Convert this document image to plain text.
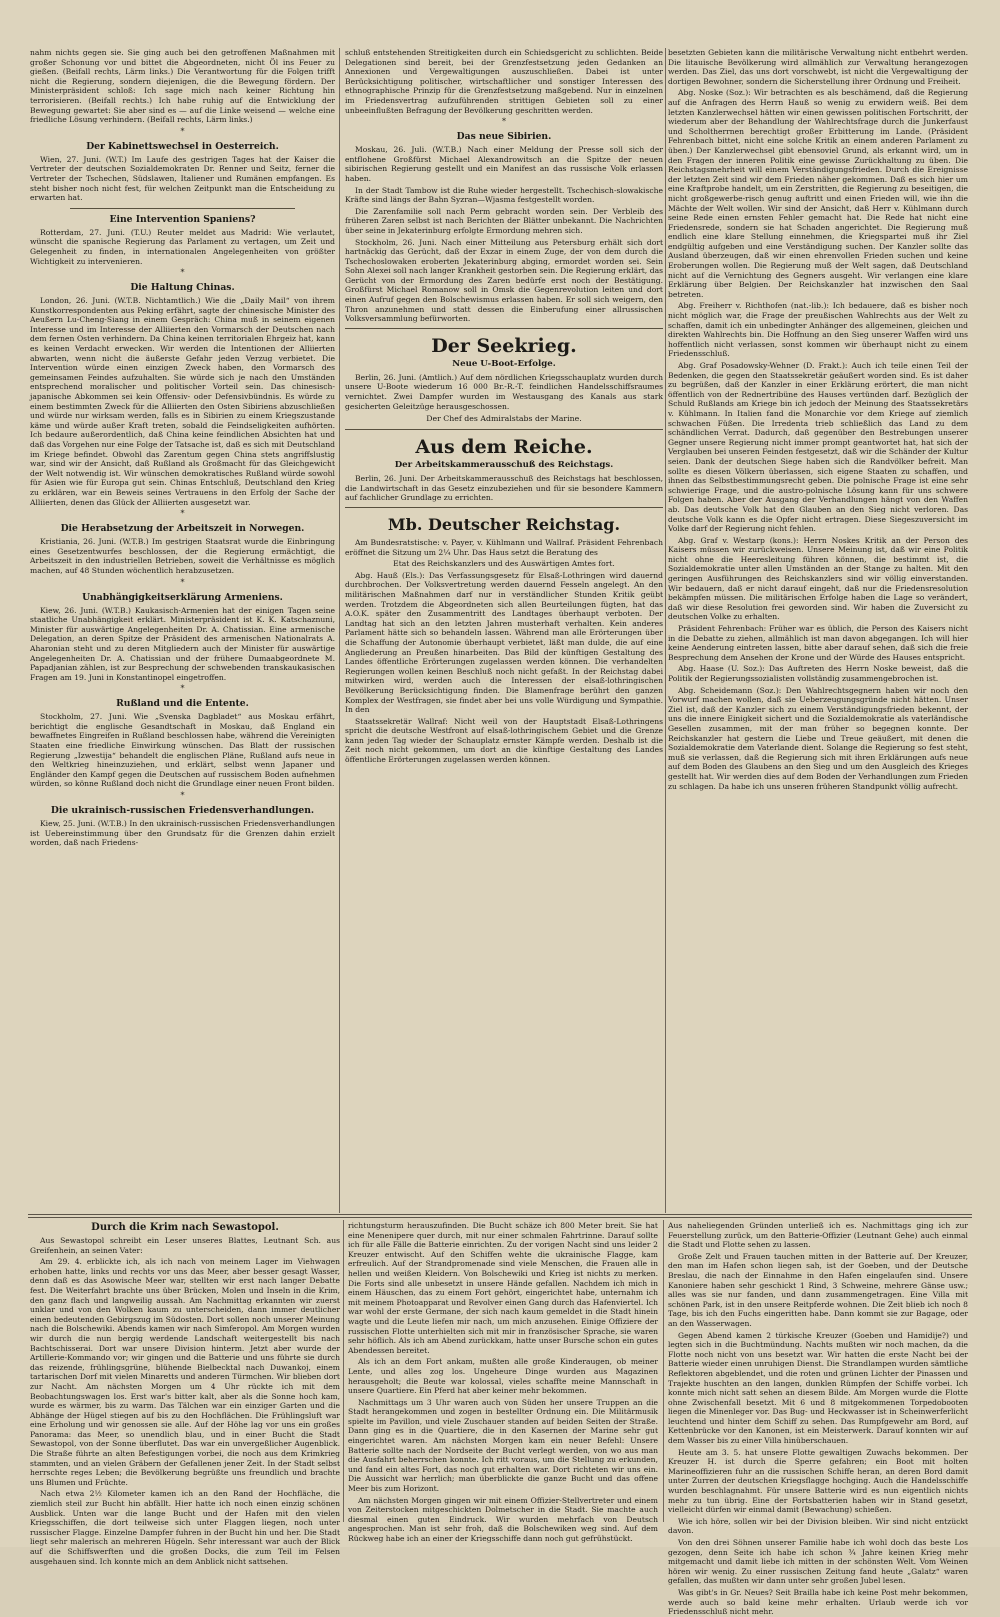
nahm nichts gegen sie. Sie ging auch bei den getroffenen Maßnahmen mit großer Schonung vor und bittet die Abgeordneten, nicht Öl ins Feuer zu gießen. (Beifall rechts, Lärm links.) Die Verantwortung für die Folgen trifft nicht die Regierung, sondern diejenigen, die die Bewegung fördern. Der Ministerpräsident schloß: Ich sage mich nach keiner Richtung hin terrorisieren. (Beifall rechts.) Ich habe ruhig auf die Entwicklung der Bewegung gewartet: Sie aber sind es — auf die Linke weisend — welche eine friedliche Lösung verhindern. (Beifall rechts, Lärm links.)

*
Der Kabinettswechsel in Oesterreich.

Wien, 27. Juni. (W.T.) Im Laufe des gestrigen Tages hat der Kaiser die Vertreter der deutschen Sozialdemokraten Dr. Renner und Seitz, ferner die Vertreter der Tschechen, Südslawen, Italiener und Rumänen empfangen. Es steht bisher noch nicht fest, für welchen Zeitpunkt man die Entscheidung zu erwarten hat.

Eine Intervention Spaniens?

Rotterdam, 27. Juni. (T.U.) Reuter meldet aus Madrid: Wie verlautet, wünscht die spanische Regierung das Parlament zu vertagen, um Zeit und Gelegenheit zu finden, in internationalen Angelegenheiten von größter Wichtigkeit zu intervenieren.

*
Die Haltung Chinas.

London, 26. Juni. (W.T.B. Nichtamtlich.) Wie die „Daily Mail“ von ihrem Kunstkorrespondenten aus Peking erfährt, sagte der chinesische Minister des Aeußern Lu-Cheng-Siang in einem Gespräch: China muß in seinem eigenen Interesse und im Interesse der Alliierten den Vormarsch der Deutschen nach dem fernen Osten verhindern. Da China keinen territorialen Ehrgeiz hat, kann es keinen Verdacht erwecken. Wir werden die Intentionen der Alliierten abwarten, wenn nicht die äußerste Gefahr jeden Verzug verbietet. Die Intervention würde einen einzigen Zweck haben, den Vormarsch des gemeinsamen Feindes aufzuhalten. Sie würde sich je nach den Umständen entsprechend moralischer und politischer Vorteil sein. Das chinesisch-japanische Abkommen sei kein Offensiv- oder Defensivbündnis. Es würde zu einem bestimmten Zweck für die Alliierten den Osten Sibiriens abzuschließen und würde nur wirksam werden, falls es in Sibirien zu einem Kriegszustande käme und würde außer Kraft treten, sobald die Feindseligkeiten aufhörten. Ich bedaure außerordentlich, daß China keine feindlichen Absichten hat und daß das Vorgehen nur eine Folge der Tatsache ist, daß es sich mit Deutschland im Kriege befindet. Obwohl das Zarentum gegen China stets angriffslustig war, sind wir der Ansicht, daß Rußland als Großmacht für das Gleichgewicht der Welt notwendig ist. Wir wünschen demokratisches Rußland würde sowohl für Asien wie für Europa gut sein. Chinas Entschluß, Deutschland den Krieg zu erklären, war ein Beweis seines Vertrauens in den Erfolg der Sache der Alliierten, denen das Glück der Alliierten ausgesetzt war.

*
Die Herabsetzung der Arbeitszeit in Norwegen.

Kristiania, 26. Juni. (W.T.B.) Im gestrigen Staatsrat wurde die Einbringung eines Gesetzentwurfes beschlossen, der die Regierung ermächtigt, die Arbeitszeit in den industriellen Betrieben, soweit die Verhältnisse es möglich machen, auf 48 Stunden wöchentlich herabzusetzen.

*
Unabhängigkeitserklärung Armeniens.

Kiew, 26. Juni. (W.T.B.) Kaukasisch-Armenien hat der einigen Tagen seine staatliche Unabhängigkeit erklärt. Ministerpräsident ist K. K. Katschaznuni, Minister für auswärtige Angelegenheiten Dr. A. Chatissian. Eine armenische Delegation, an deren Spitze der Präsident des armenischen Nationalrats A. Aharonian steht und zu deren Mitgliedern auch der Minister für auswärtige Angelegenheiten Dr. A. Chatissian und der frühere Dumaabgeordnete M. Papadjanian zählen, ist zur Besprechung der schwebenden transkaukasischen Fragen am 19. Juni in Konstantinopel eingetroffen.

*
Rußland und die Entente.

Stockholm, 27. Juni. Wie „Svenska Dagbladet“ aus Moskau erfährt, berichtigt die englische Gesandtschaft in Moskau, daß England ein bewaffnetes Eingreifen in Rußland beschlossen habe, während die Vereinigten Staaten eine friedliche Einwirkung wünschen. Das Blatt der russischen Regierung „Izwestija“ behandelt die englischen Pläne, Rußland aufs neue in den Weltkrieg hineinzuziehen, und erklärt, selbst wenn Japaner und Engländer den Kampf gegen die Deutschen auf russischem Boden aufnehmen würden, so könne Rußland doch nicht die Grundlage einer neuen Front bilden.

*
Die ukrainisch-russischen Friedensverhandlungen.

Kiew, 25. Juni. (W.T.B.) In den ukrainisch-russischen Friedensverhandlungen ist Uebereinstimmung über den Grundsatz für die Grenzen dahin erzielt worden, daß nach Friedens-

schluß entstehenden Streitigkeiten durch ein Schiedsgericht zu schlichten. Beide Delegationen sind bereit, bei der Grenzfestsetzung jeden Gedanken an Annexionen und Vergewaltigungen auszuschließen. Dabei ist unter Berücksichtigung politischer, wirtschaftlicher und sonstiger Interessen des ethnographische Prinzip für die Grenzfestsetzung maßgebend. Nur in einzelnen im Friedensvertrag aufzuführenden strittigen Gebieten soll zu einer unbeeinflußten Befragung der Bevölkerung geschritten werden.

*
Das neue Sibirien.

Moskau, 26. Juli. (W.T.B.) Nach einer Meldung der Presse soll sich der entflohene Großfürst Michael Alexandrowitsch an die Spitze der neuen sibirischen Regierung gestellt und ein Manifest an das russische Volk erlassen haben.

In der Stadt Tambow ist die Ruhe wieder hergestellt. Tschechisch-slowakische Kräfte sind längs der Bahn Syzran—Wjasma festgestellt worden.

Die Zarenfamilie soll nach Perm gebracht worden sein. Der Verbleib des früheren Zaren selbst ist nach Berichten der Blätter unbekannt. Die Nachrichten über seine in Jekaterinburg erfolgte Ermordung mehren sich.

Stockholm, 26. Juni. Nach einer Mitteilung aus Petersburg erhält sich dort hartnäckig das Gerücht, daß der Exzar in einem Zuge, der von dem durch die Tschechoslowaken eroberten Jekaterinburg abging, ermordet worden sei. Sein Sohn Alexei soll nach langer Krankheit gestorben sein. Die Regierung erklärt, das Gerücht von der Ermordung des Zaren bedürfe erst noch der Bestätigung. Großfürst Michael Romanow soll in Omsk die Gegenrevolution leiten und dort einen Aufruf gegen den Bolschewismus erlassen haben. Er soll sich weigern, den Thron anzunehmen und statt dessen die Einberufung einer allrussischen Volksversammlung befürworten.

Der Seekrieg.
Neue U-Boot-Erfolge.

Berlin, 26. Juni. (Amtlich.) Auf dem nördlichen Kriegsschauplatz wurden durch unsere U-Boote wiederum 16 000 Br.-R.-T. feindlichen Handelsschiffsraumes vernichtet. Zwei Dampfer wurden im Westausgang des Kanals aus stark gesicherten Geleitzüge herausgeschossen.

Der Chef des Admiralstabs der Marine.
Aus dem Reiche.
Der Arbeitskammerausschuß des Reichstags.

Berlin, 26. Juni. Der Arbeitskammerausschuß des Reichstags hat beschlossen, die Landwirtschaft in das Gesetz einzubeziehen und für sie besondere Kammern auf fachlicher Grundlage zu errichten.

Mb. Deutscher Reichstag.

Am Bundesratstische: v. Payer, v. Kühlmann und Wallraf. Präsident Fehrenbach eröffnet die Sitzung um 2¼ Uhr. Das Haus setzt die Beratung des

Etat des Reichskanzlers und des Auswärtigen Amtes fort.

Abg. Hauß (Els.): Das Verfassungsgesetz für Elsaß-Lothringen wird dauernd durchbrochen. Der Volksvertretung werden dauernd Fesseln angelegt. An den militärischen Maßnahmen darf nur in verständlicher Stunden Kritik geübt werden. Trotzdem die Abgeordneten sich allen Beurteilungen fügten, hat das A.O.K. später den Zusammentritt des Landtages überhaupt verboten. Der Landtag hat sich an den letzten Jahren musterhaft verhalten. Kein anderes Parlament hätte sich so behandeln lassen. Während man alle Erörterungen über die Schaffung der Autonomie überhaupt verbietet, läßt man dulde, die auf eine Angliederung an Preußen hinarbeiten. Das Bild der künftigen Gestaltung des Landes öffentliche Erörterungen zugelassen werden können. Die verhandelten Regierungen wollen keinen Beschluß noch nicht gefaßt. In der Reichstag dabei mitwirken wird, werden auch die Interessen der elsaß-lothringischen Bevölkerung Berücksichtigung finden. Die Blamenfrage berührt den ganzen Komplex der Westfragen, sie findet aber bei uns volle Würdigung und Sympathie. In den

Staatssekretär Wallraf: Nicht weil von der Hauptstadt Elsaß-Lothringens spricht die deutsche Westfront auf elsaß-lothringischem Gebiet und die Grenze kann jeden Tag wieder der Schauplatz ernster Kämpfe werden. Deshalb ist die Zeit noch nicht gekommen, um dort an die künftige Gestaltung des Landes öffentliche Erörterungen zugelassen werden können.

besetzten Gebieten kann die militärische Verwaltung nicht entbehrt werden. Die litauische Bevölkerung wird allmählich zur Verwaltung herangezogen werden. Das Ziel, das uns dort vorschwebt, ist nicht die Vergewaltigung der dortigen Bewohner, sondern die Sicherstellung ihrer Ordnung und Freiheit.

Abg. Noske (Soz.): Wir betrachten es als beschämend, daß die Regierung auf die Anfragen des Herrn Hauß so wenig zu erwidern weiß. Bei dem letzten Kanzlerwechsel hätten wir einen gewissen politischen Fortschritt, der wiederum aber der Behandlung der Wahlrechtsfrage durch die Junkerfaust und Scholtherrnen berechtigt großer Erbitterung im Lande. (Präsident Fehrenbach bittet, nicht eine solche Kritik an einem anderen Parlament zu üben.) Der Kanzlerwechsel gibt ebensoviel Grund, als erkannt wird, um in den Fragen der inneren Politik eine gewisse Zurückhaltung zu üben. Die Reichstagsmehrheit will einem Verständigungsfrieden. Durch die Ereignisse der letzten Zeit sind wir dem Frieden näher gekommen. Daß es sich hier um eine Kraftprobe handelt, um ein Zerstritten, die Regierung zu beseitigen, die nicht großgewerbe-risch genug auftritt und einen Frieden will, wie ihn die Mächte der Welt wollen. Wir sind der Ansicht, daß Herr v. Kühlmann durch seine Rede einen ernsten Fehler gemacht hat. Die Rede hat nicht eine Friedensrede, sondern sie hat Schaden angerichtet. Die Regierung muß endlich eine klare Stellung einnehmen, die Kriegspartei muß ihr Ziel endgültig aufgeben und eine Verständigung suchen. Der Kanzler sollte das Ausland überzeugen, daß wir einen ehrenvollen Frieden suchen und keine Eroberungen wollen. Die Regierung muß der Welt sagen, daß Deutschland nicht auf die Vernichtung des Gegners ausgeht. Wir verlangen eine klare Erklärung über Belgien. Der Reichskanzler hat inzwischen den Saal betreten.

Abg. Freiherr v. Richthofen (nat.-lib.): Ich bedauere, daß es bisher noch nicht möglich war, die Frage der preußischen Wahlrechts aus der Welt zu schaffen, damit ich ein unbedingter Anhänger des allgemeinen, gleichen und direkten Wahlrechts bin. Die Hoffnung an den Sieg unserer Waffen wird uns hoffentlich nicht verlassen, sonst kommen wir überhaupt nicht zu einem Friedensschluß.

Abg. Graf Posadowsky-Wehner (D. Frakt.): Auch ich teile einen Teil der Bedenken, die gegen den Staatssekretär geäußert worden sind. Es ist daher zu begrüßen, daß der Kanzler in einer Erklärung erörtert, die man nicht öffentlich von der Rednertribüne des Hauses vertünden darf. Bezüglich der Schuld Rußlands am Kriege bin ich jedoch der Meinung des Staatssekretärs v. Kühlmann. In Italien fand die Monarchie vor dem Kriege auf ziemlich schwachen Füßen. Die Irredenta trieb schließlich das Land zu dem schändlichen Verrat. Dadurch, daß gegenüber den Bestrebungen unserer Gegner unsere Regierung nicht immer prompt geantwortet hat, hat sich der Verglauben bei unseren Feinden festgesetzt, daß wir die Schänder der Kultur seien. Dank der deutschen Siege haben sich die Randvölker befreit. Man sollte es diesen Völkern überlassen, sich eigene Staaten zu schaffen, und ihnen das Selbstbestimmungsrecht geben. Die polnische Frage ist eine sehr schwierige Frage, und die austro-polnische Lösung kann für uns schwere Folgen haben. Aber der Ausgang der Verhandlungen hängt von den Waffen ab. Das deutsche Volk hat den Glauben an den Sieg nicht verloren. Das deutsche Volk kann es die Opfer nicht ertragen. Diese Siegeszuversicht im Volke darf der Regierung nicht fehlen.

Abg. Graf v. Westarp (kons.): Herrn Noskes Kritik an der Person des Kaisers müssen wir zurückweisen. Unsere Meinung ist, daß wir eine Politik nicht ohne die Heeresleitung führen können, die bestimmt ist, die Sozialdemokratie unter allen Umständen an der Stange zu halten. Mit den geringen Ausführungen des Reichskanzlers sind wir völlig einverstanden. Wir bedauern, daß er nicht darauf eingeht, daß nur die Friedensresolution bekämpfen müssen. Die militärischen Erfolge haben die Lage so verändert, daß wir diese Resolution frei geworden sind. Wir haben die Zuversicht zu deutschen Volke zu erhalten.

Präsident Fehrenbach: Früher war es üblich, die Person des Kaisers nicht in die Debatte zu ziehen, allmählich ist man davon abgegangen. Ich will hier keine Aenderung eintreten lassen, bitte aber darauf sehen, daß sich die freie Besprechung dem Ansehen der Krone und der Würde des Hauses entspricht.

Abg. Haase (U. Soz.): Das Auftreten des Herrn Noske beweist, daß die Politik der Regierungssozialisten vollständig zusammengebrochen ist.

Abg. Scheidemann (Soz.): Den Wahlrechtsgegnern haben wir noch den Vorwurf machen wollen, daß sie Ueberzeugungsgründe nicht hätten. Unser Ziel ist, daß der Kanzler sich zu einem Verständigungsfrieden bekennt, der uns die innere Einigkeit sichert und die Sozialdemokratie als vaterländische Gesellen zusammen, mit der man früher so begegnen konnte. Der Reichskanzler hat gestern die Liebe und Treue geäußert, mit denen die Sozialdemokratie dem Vaterlande dient. Solange die Regierung so fest steht, muß sie verlassen, daß die Regierung sich mit ihren Erklärungen aufs neue auf dem Boden des Glaubens an den Sieg und um den Ausgleich des Krieges gestellt hat. Wir werden dies auf dem Boden der Verhandlungen zum Frieden zu schlagen. Da habe ich uns unseren früheren Standpunkt völlig aufrecht.

Durch die Krim nach Sewastopol.

Aus Sewastopol schreibt ein Leser unseres Blattes, Leutnant Sch. aus Greifenhein, an seinen Vater:

Am 29. 4. erblickte ich, als ich nach von meinem Lager im Viehwagen erhoben hatte, links und rechts vor uns das Meer, aber besser gesagt Wasser, denn daß es das Asowische Meer war, stellten wir erst nach langer Debatte fest. Die Weiterfahrt brachte uns über Brücken, Molen und Inseln in die Krim, den ganz flach und langweilig aussah. Am Nachmittag erkannten wir zuerst unklar und von den Wolken kaum zu unterscheiden, dann immer deutlicher einen bedeutenden Gebirgszug im Südosten. Dort sollen noch unserer Meinung nach die Bolschewiki. Abends kamen wir nach Simferopol. Am Morgen wurden wir durch die nun bergig werdende Landschaft weitergestellt bis nach Bachtschisserai. Dort war unsere Division hinterm. Jetzt aber wurde der Artillerie-Kommando vor; wir gingen und die Batterie und uns führte sie durch das reizende, frühlingsgrüne, blühende Bielbecktal nach Duwankoj, einem tartarischen Dorf mit vielen Minaretts und anderen Türmchen. Wir blieben dort zur Nacht. Am nächsten Morgen um 4 Uhr rückte ich mit dem Beobachtungswagen los. Erst war's bitter kalt, aber als die Sonne hoch kam, wurde es wärmer, bis zu warm. Das Tälchen war ein einziger Garten und die Abhänge der Hügel stiegen auf bis zu den Hochflächen. Die Frühlingsluft war eine Erholung und wir genossen sie alle. Auf der Höhe lag vor uns ein großes Panorama: das Meer, so unendlich blau, und in einer Bucht die Stadt Sewastopol, von der Sonne überflutet. Das war ein unvergeßlicher Augenblick. Die Straße führte an alten Befestigungen vorbei, die noch aus dem Krimkrieg stammten, und an vielen Gräbern der Gefallenen jener Zeit. In der Stadt selbst herrschte reges Leben; die Bevölkerung begrüßte uns freundlich und brachte uns Blumen und Früchte.

Nach etwa 2½ Kilometer kamen ich an den Rand der Hochfläche, die ziemlich steil zur Bucht hin abfällt. Hier hatte ich noch einen einzig schönen Ausblick. Unten war die lange Bucht und der Hafen mit den vielen Kriegsschiffen, die dort teilweise sich unter Flaggen liegen, noch unter russischer Flagge. Einzelne Dampfer fuhren in der Bucht hin und her. Die Stadt liegt sehr malerisch an mehreren Hügeln. Sehr interessant war auch der Blick auf die Schiffswerften und die großen Docks, die zum Teil im Felsen ausgehauen sind. Ich konnte mich an dem Anblick nicht sattsehen.

richtungsturm herauszufinden. Die Bucht schäze ich 800 Meter breit. Sie hat eine Menenipere quer durch, mit nur einer schmalen Fahrtrinne. Darauf sollte ich für alle Fälle die Batterie einrichten. Zu der vorigen Nacht sind uns leider 2 Kreuzer entwischt. Auf den Schiffen wehte die ukrainische Flagge, kam erfreulich. Auf der Strandpromenade sind viele Menschen, die Frauen alle in hellen und weißen Kleidern. Von Bolschewiki und Krieg ist nichts zu merken. Die Forts sind alle unbesetzt in unsere Hände gefallen. Nachdem ich mich in einem Häuschen, das zu einem Fort gehört, eingerichtet habe, unternahm ich mit meinem Photoapparat und Revolver einen Gang durch das Hafenviertel. Ich war wohl der erste Germane, der sich nach kaum gemeldet in die Stadt hinein wagte und die Leute liefen mir nach, um mich anzusehen. Einige Offiziere der russischen Flotte unterhielten sich mit mir in französischer Sprache, sie waren sehr höflich. Als ich am Abend zurückkam, hatte unser Bursche schon ein gutes Abendessen bereitet.

Als ich an dem Fort ankam, mußten alle große Kinderaugen, ob meiner Lente, und alles zog los. Ungeheure Dinge wurden aus Magazinen herausgeholt; die Beute war kolossal, vieles schaffte meine Mannschaft in unsere Quartiere. Ein Pferd hat aber keiner mehr bekommen.

Nachmittags um 3 Uhr waren auch von Süden her unsere Truppen an die Stadt herangekommen und zogen in bestellter Ordnung ein. Die Militärmusik spielte im Pavillon, und viele Zuschauer standen auf beiden Seiten der Straße. Dann ging es in die Quartiere, die in den Kasernen der Marine sehr gut eingerichtet waren. Am nächsten Morgen kam ein neuer Befehl: Unsere Batterie sollte nach der Nordseite der Bucht verlegt werden, von wo aus man die Ausfahrt beherrschen konnte. Ich ritt voraus, um die Stellung zu erkunden, und fand ein altes Fort, das noch gut erhalten war. Dort richteten wir uns ein. Die Aussicht war herrlich; man überblickte die ganze Bucht und das offene Meer bis zum Horizont.

Am nächsten Morgen gingen wir mit einem Offizier-Stellvertreter und einem von Zeiterstocken mitgeschickten Dolmetscher in die Stadt. Sie machte auch diesmal einen guten Eindruck. Wir wurden mehrfach von Deutsch angesprochen. Man ist sehr froh, daß die Bolschewiken weg sind. Auf dem Rückweg habe ich an einer der Kriegsschiffe dann noch gut gefrühstückt.

Aus naheliegenden Gründen unterließ ich es. Nachmittags ging ich zur Feuerstellung zurück, um den Batterie-Offizier (Leutnant Gehe) auch einmal die Stadt und Flotte sehen zu lassen.

Große Zelt und Frauen tauchen mitten in der Batterie auf. Der Kreuzer, den man im Hafen schon liegen sah, ist der Goeben, und der Deutsche Breslau, die nach der Einnahme in den Hafen eingelaufen sind. Unsere Kanoniere haben sehr geschickt 1 Rind, 3 Schweine, mehrere Gänse usw.; alles was sie nur fanden, und dann zusammengetragen. Eine Villa mit schönen Park, ist in den unsere Reitpferde wohnen. Die Zeit blieb ich noch 8 Tage, bis ich den Fuchs eingeritten habe. Dann kommt sie zur Bagage, oder an den Wasserwagen.

Gegen Abend kamen 2 türkische Kreuzer (Goeben und Hamidije?) und legten sich in die Buchtmündung. Nachts mußten wir noch machen, da die Flotte noch nicht von uns besetzt war. Wir hatten die erste Nacht bei der Batterie wieder einen unruhigen Dienst. Die Strandlampen wurden sämtliche Reflektoren abgeblendet, und die roten und grünen Lichter der Pinassen und Trajekte huschten an den langen, dunklen Rümpfen der Schiffe vorbei. Ich konnte mich nicht satt sehen an diesem Bilde. Am Morgen wurde die Flotte ohne Zwischenfall besetzt. Mit 6 und 8 mitgekommenen Torpedobooten liegen die Minenleger vor. Das Bug- und Heckwasser ist in Scheinwerferlicht leuchtend und hinter dem Schiff zu sehen. Das Rumpfgewehr am Bord, auf Kettenbrücke vor den Kanonen, ist ein Meisterwerk. Darauf konnten wir auf dem Wasser bis zu einer Villa hinüberschauen.

Heute am 3. 5. hat unsere Flotte gewaltigen Zuwachs bekommen. Der Kreuzer H. ist durch die Sperre gefahren; ein Boot mit holten Marineoffizieren fuhr an die russischen Schiffe heran, an deren Bord damit unter Zurren der deutschen Kriegsflagge hochging. Auch die Handelsschiffe wurden beschlagnahmt. Für unsere Batterie wird es nun eigentlich nichts mehr zu tun übrig. Eine der Fortsbatterien haben wir in Stand gesetzt, vielleicht dürfen wir einmal damit (Bewachung) schießen.

Wie ich höre, sollen wir bei der Division bleiben. Wir sind nicht entzückt davon.

Von den drei Söhnen unserer Familie habe ich wohl doch das beste Los gezogen, denn Seite ich habe ich schon ¾ Jahre keinen Krieg mehr mitgemacht und damit liebe ich mitten in der schönsten Welt. Vom Weinen hören wir wenig. Zu einer russischen Zeitung fand heute „Galatz“ waren gefallen, das mußten wir dann unter sehr großen Jubel lesen.

Was gibt's in Gr. Neues? Seit Brailla habe ich keine Post mehr bekommen, werde auch so bald keine mehr erhalten. Urlaub werde ich vor Friedensschluß nicht mehr.
